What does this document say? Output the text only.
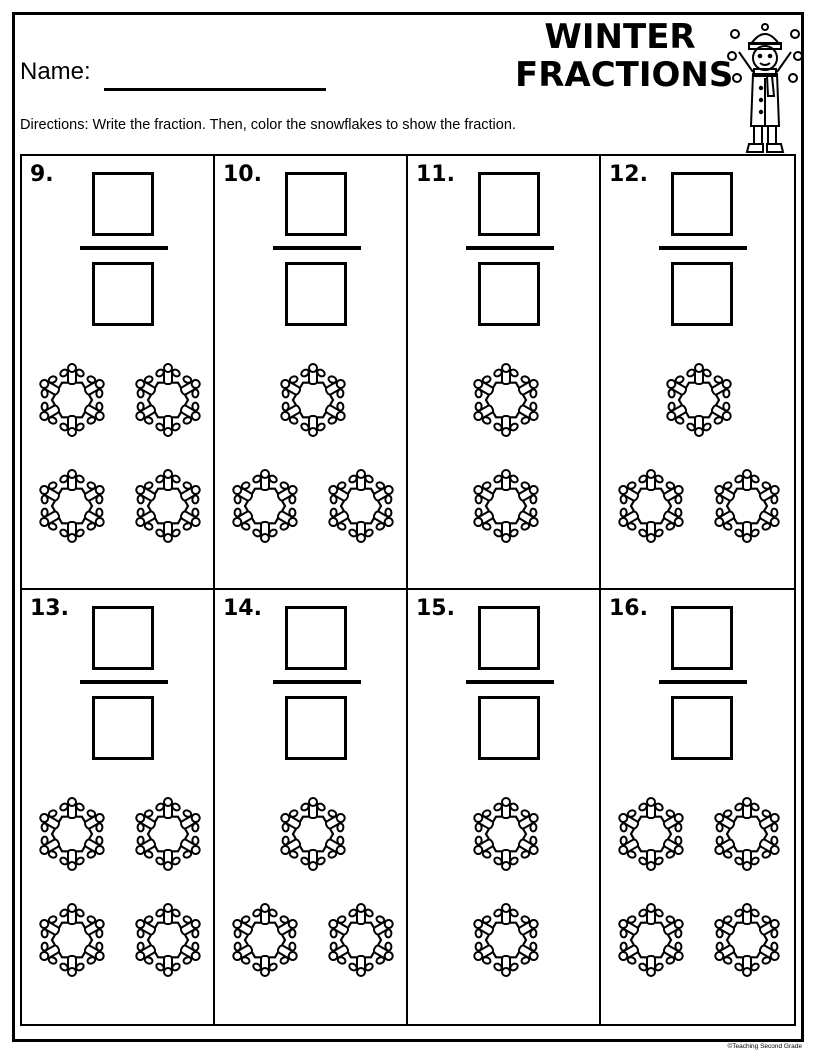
Name:
WINTER
FRACTIONS
Directions: Write the fraction. Then, color the snowflakes to show the fraction.
9.	10.	11.	12.
13.	14.	15.	16.
©Teaching Second Grade
